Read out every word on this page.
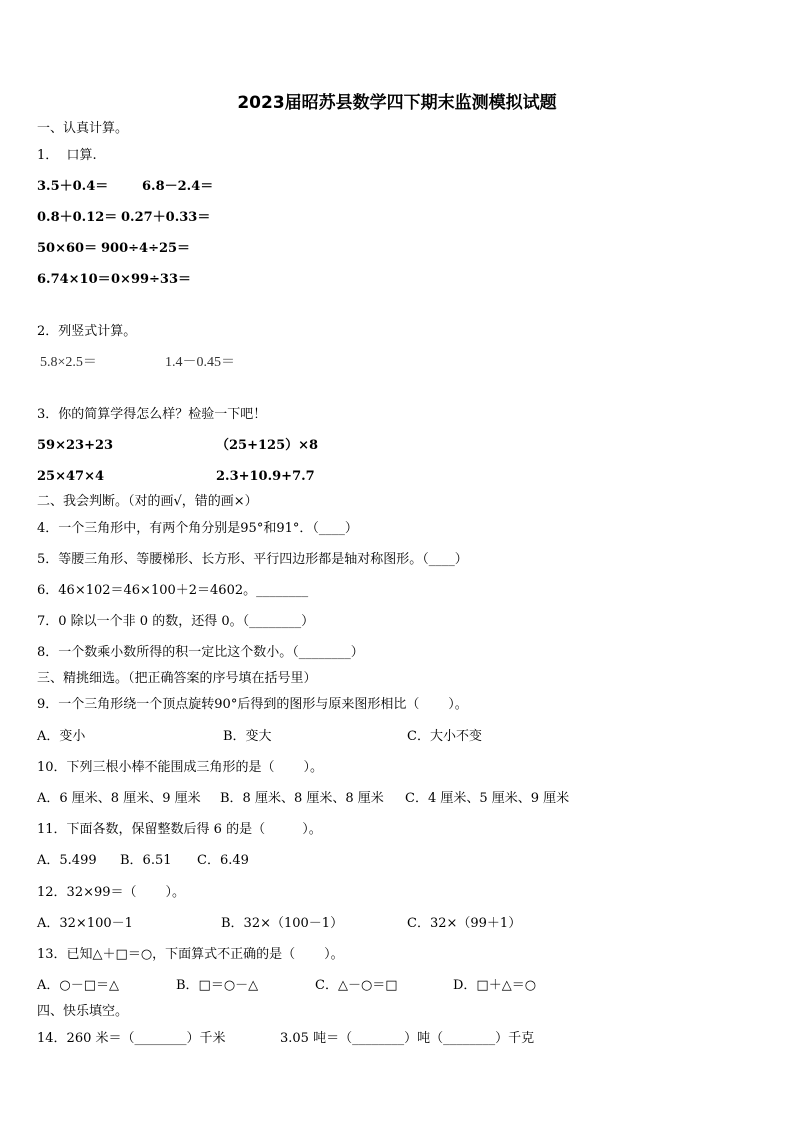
2023届昭苏县数学四下期末监测模拟试题
一、认真计算。
1．  口算.
3.5＋0.4＝	6.8－2.4＝
0.8＋0.12＝ 0.27＋0.33＝
50×60＝ 900÷4÷25＝
6.74×10＝ 0×99÷33＝
2．列竖式计算。
5.8×2.5＝	1.4－0.45＝
3．你的简算学得怎么样？检验一下吧！
59×23+23	（25+125）×8
25×47×4	2.3+10.9+7.7
二、我会判断。（对的画√，错的画×）
4．一个三角形中，有两个角分别是95°和91°．（____）
5．等腰三角形、等腰梯形、长方形、平行四边形都是轴对称图形。（____）
6．46×102＝46×100＋2＝4602。________
7．0 除以一个非 0 的数，还得 0。（________）
8．一个数乘小数所得的积一定比这个数小。（________）
三、精挑细选。（把正确答案的序号填在括号里）
9．一个三角形绕一个顶点旋转90°后得到的图形与原来图形相比（       ）。
A．变小	B．变大	C．大小不变
10．下列三根小棒不能围成三角形的是（       ）。
A．6 厘米、8 厘米、9 厘米 B．8 厘米、8 厘米、8 厘米 C．4 厘米、5 厘米、9 厘米
11．下面各数，保留整数后得 6 的是（         ）。
A．5.499 B．6.51 C．6.49
12．32×99＝（       ）。
A．32×100－1	B．32×（100－1）	C．32×（99＋1）
13．已知△＋□＝○，下面算式不正确的是（       ）。
A．○－□＝△	B．□＝○－△	C．△－○＝□	D．□＋△＝○
四、快乐填空。
14．260 米＝（________）千米	3.05 吨＝（________）吨（________）千克
